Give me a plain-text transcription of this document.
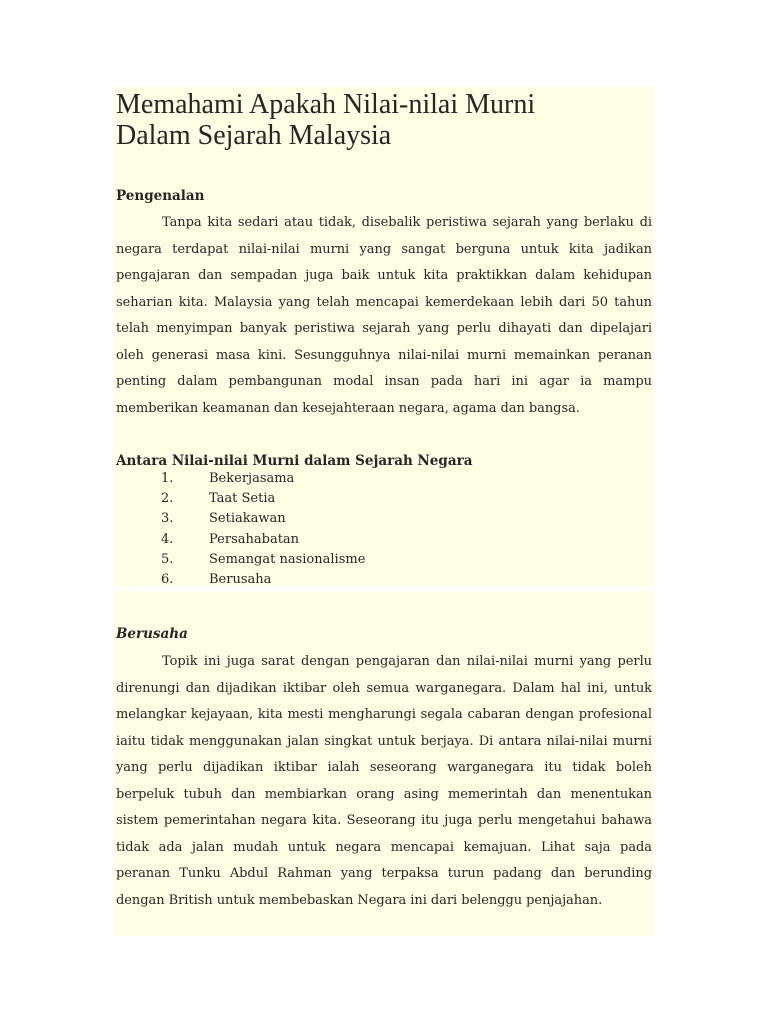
Memahami Apakah Nilai-nilai Murni
Dalam Sejarah Malaysia
Pengenalan

Tanpa kita sedari atau tidak, disebalik peristiwa sejarah yang berlaku di negara terdapat nilai-nilai murni yang sangat berguna untuk kita jadikan pengajaran dan sempadan juga baik untuk kita praktikkan dalam kehidupan seharian kita. Malaysia yang telah mencapai kemerdekaan lebih dari 50 tahun telah menyimpan banyak peristiwa sejarah yang perlu dihayati dan dipelajari oleh generasi masa kini. Sesungguhnya nilai-nilai murni memainkan peranan penting dalam pembangunan modal insan pada hari ini agar ia mampu memberikan keamanan dan kesejahteraan negara, agama dan bangsa.

Antara Nilai-nilai Murni dalam Sejarah Negara
1.	Bekerjasama
2.	Taat Setia
3.	Setiakawan
4.	Persahabatan
5.	Semangat nasionalisme
6.	Berusaha
Berusaha

Topik ini juga sarat dengan pengajaran dan nilai-nilai murni yang perlu direnungi dan dijadikan iktibar oleh semua warganegara. Dalam hal ini, untuk melangkar kejayaan, kita mesti mengharungi segala cabaran dengan profesional iaitu tidak menggunakan jalan singkat untuk berjaya. Di antara nilai-nilai murni yang perlu dijadikan iktibar ialah seseorang warganegara itu tidak boleh berpeluk tubuh dan membiarkan orang asing memerintah dan menentukan sistem pemerintahan negara kita. Seseorang itu juga perlu mengetahui bahawa tidak ada jalan mudah untuk negara mencapai kemajuan. Lihat saja pada peranan Tunku Abdul Rahman yang terpaksa turun padang dan berunding dengan British untuk membebaskan Negara ini dari belenggu penjajahan.
